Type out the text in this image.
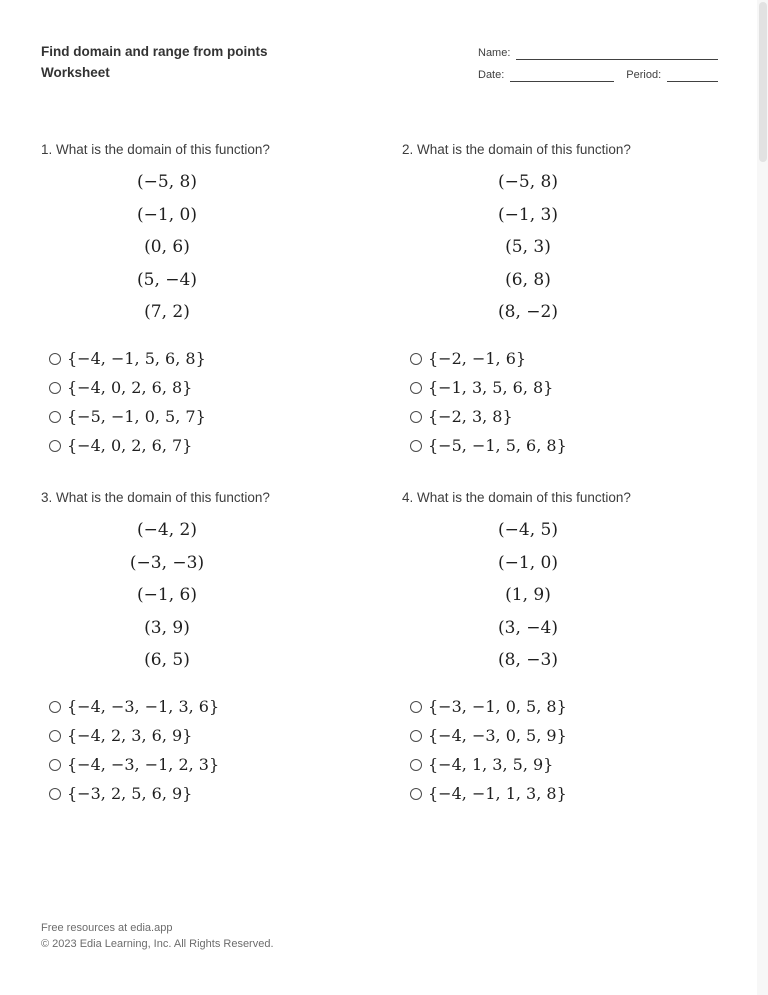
Find domain and range from points
Worksheet
Name:
Date:	Period:
1. What is the domain of this function?
(−5, 8)
(−1, 0)
(0, 6)
(5, −4)
(7, 2)
{−4, −1, 5, 6, 8}
{−4, 0, 2, 6, 8}
{−5, −1, 0, 5, 7}
{−4, 0, 2, 6, 7}
2. What is the domain of this function?
(−5, 8)
(−1, 3)
(5, 3)
(6, 8)
(8, −2)
{−2, −1, 6}
{−1, 3, 5, 6, 8}
{−2, 3, 8}
{−5, −1, 5, 6, 8}
3. What is the domain of this function?
(−4, 2)
(−3, −3)
(−1, 6)
(3, 9)
(6, 5)
{−4, −3, −1, 3, 6}
{−4, 2, 3, 6, 9}
{−4, −3, −1, 2, 3}
{−3, 2, 5, 6, 9}
4. What is the domain of this function?
(−4, 5)
(−1, 0)
(1, 9)
(3, −4)
(8, −3)
{−3, −1, 0, 5, 8}
{−4, −3, 0, 5, 9}
{−4, 1, 3, 5, 9}
{−4, −1, 1, 3, 8}
Free resources at edia.app
© 2023 Edia Learning, Inc. All Rights Reserved.
